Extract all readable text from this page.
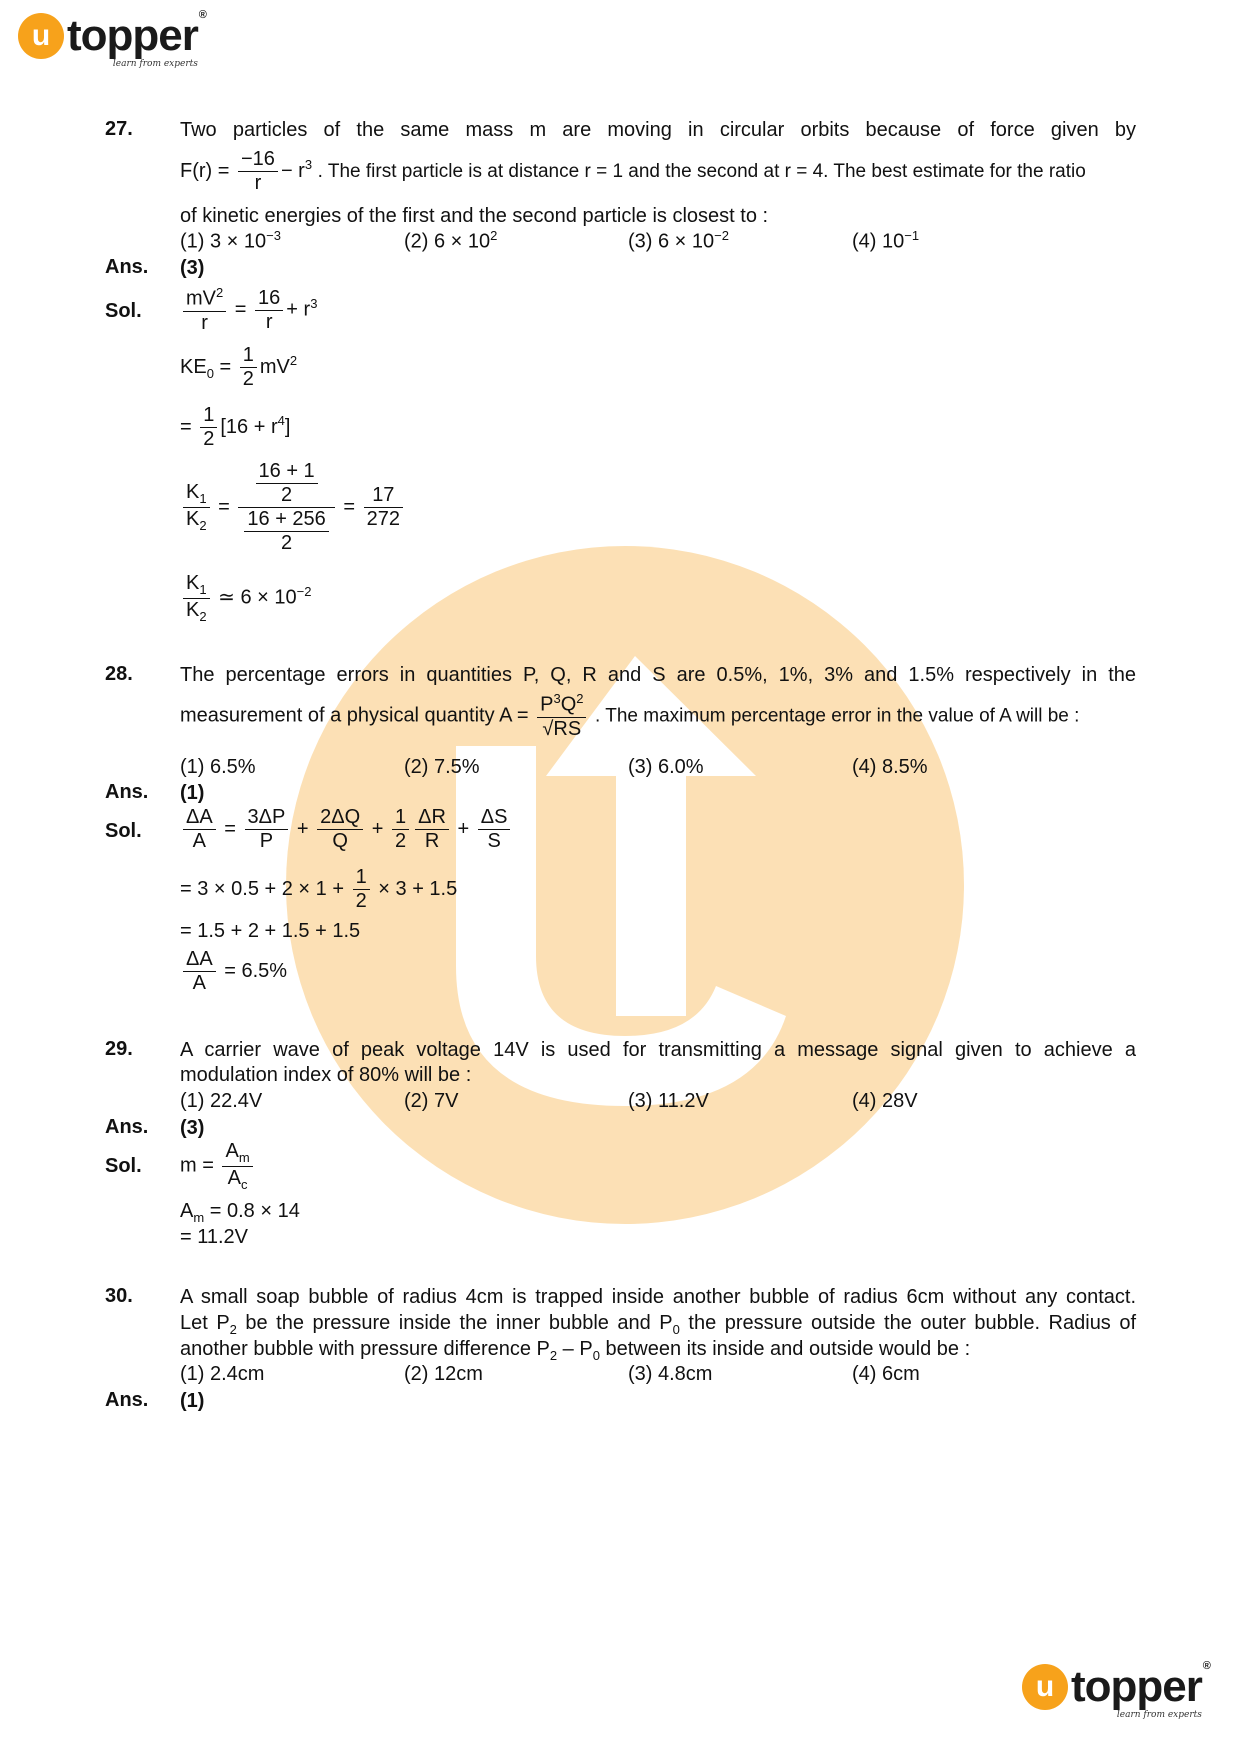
u topper ®
learn from experts
u topper ®
learn from experts
27. Two particles of the same mass m are moving in circular orbits because of force given by
$F(r) = \frac{-16}{r} - r^3$ . The first particle is at distance r = 1 and the second at r = 4. The best estimate for the ratio
of kinetic energies of the first and the second particle is closest to :
(1) $3 \times 10^{-3}$	(2) $6 \times 10^2$	(3) $6 \times 10^{-2}$	(4) $10^{-1}$
Ans. (3)
Sol. $\frac{mV^2}{r} = \frac{16}{r} + r^3$
$KE_0 = \frac{1}{2} mV^2$
= $\frac{1}{2} [16 + r^4]$
$\frac{K_1}{K_2} = \frac{\frac{16 + 1}{2}}{\frac{16 + 256}{2}} = \frac{17}{272}$
$\frac{K_1}{K_2}$ ≃ $6 \times 10^{-2}$
28. The percentage errors in quantities P, Q, R and S are 0.5%, 1%, 3% and 1.5% respectively in the
measurement of a physical quantity $A = \frac{P^3Q^2}{√RS}$ . The maximum percentage error in the value of A will be :
(1) 6.5%	(2) 7.5%	(3) 6.0%	(4) 8.5%
Ans. (1)
Sol. $\frac{\Delta A}{A} = \frac{3\Delta P}{P} + \frac{2\Delta Q}{Q} + \frac{1}{2} \frac{\Delta R}{R} + \frac{\Delta S}{S}$
= $3 \times 0.5 + 2 \times 1 + \frac{1}{2} \times 3 + 1.5$
= 1.5 + 2 + 1.5 + 1.5
$\frac{\Delta A}{A} = 6.5\%$
29. A carrier wave of peak voltage 14V is used for transmitting a message signal given to achieve a
modulation index of 80% will be :
(1) 22.4V	(2) 7V	(3) 11.2V	(4) 28V
Ans. (3)
Sol. $m = \frac{A_m}{A_c}$
$A_m = 0.8 \times 14$
= 11.2V
30. A small soap bubble of radius 4cm is trapped inside another bubble of radius 6cm without any contact.
Let $P_2$ be the pressure inside the inner bubble and $P_0$ the pressure outside the outer bubble. Radius of
another bubble with pressure difference $P_2 - P_0$ between its inside and outside would be :
(1) 2.4cm	(2) 12cm	(3) 4.8cm	(4) 6cm
Ans. (1)
